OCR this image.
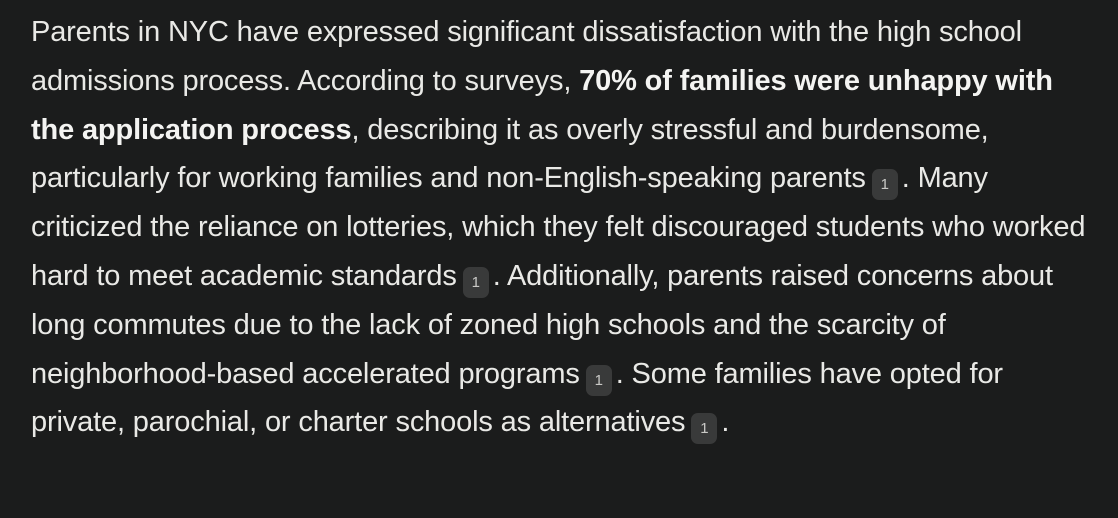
Parents in NYC have expressed significant dissatisfaction with the high school admissions process. According to surveys, 70% of families were unhappy with the application process, describing it as overly stressful and burdensome, particularly for working families and non-English-speaking parents 1 . Many criticized the reliance on lotteries, which they felt discouraged students who worked hard to meet academic standards 1 . Additionally, parents raised concerns about long commutes due to the lack of zoned high schools and the scarcity of neighborhood-based accelerated programs 1 . Some families have opted for private, parochial, or charter schools as alternatives 1 .
